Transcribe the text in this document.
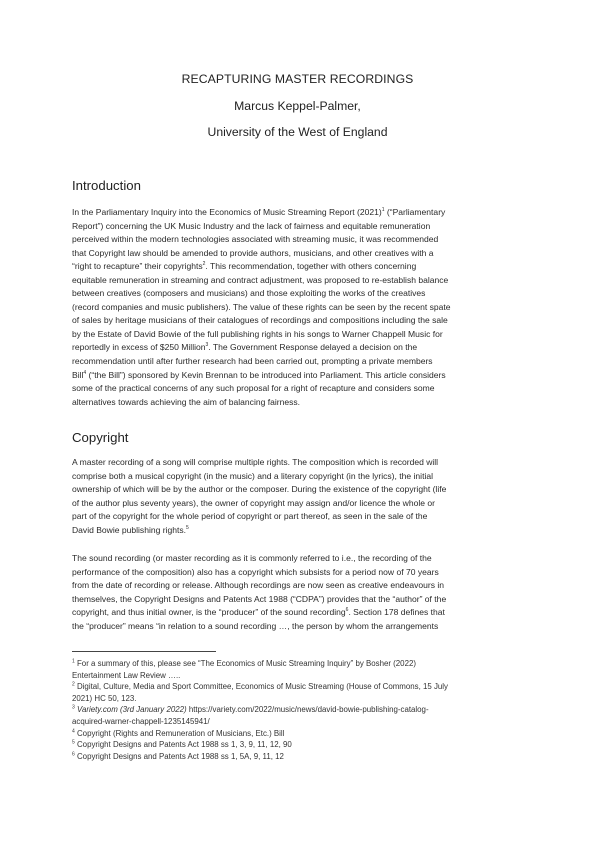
RECAPTURING MASTER RECORDINGS
Marcus Keppel-Palmer,
University of the West of England
Introduction
In the Parliamentary Inquiry into the Economics of Music Streaming Report $(2021)^1$ (“Parliamentary
Report”) concerning the UK Music Industry and the lack of fairness and equitable remuneration
perceived within the modern technologies associated with streaming music, it was recommended
that Copyright law should be amended to provide authors, musicians, and other creatives with a
“right to recapture” their copyrights$^2$. This recommendation, together with others concerning
equitable remuneration in streaming and contract adjustment, was proposed to re-establish balance
between creatives (composers and musicians) and those exploiting the works of the creatives
(record companies and music publishers). The value of these rights can be seen by the recent spate
of sales by heritage musicians of their catalogues of recordings and compositions including the sale
by the Estate of David Bowie of the full publishing rights in his songs to Warner Chappell Music for
reportedly in excess of $250 Million$^3$. The Government Response delayed a decision on the
recommendation until after further research had been carried out, prompting a private members
Bill$^4$ (“the Bill”) sponsored by Kevin Brennan to be introduced into Parliament. This article considers
some of the practical concerns of any such proposal for a right of recapture and considers some
alternatives towards achieving the aim of balancing fairness.
Copyright
A master recording of a song will comprise multiple rights. The composition which is recorded will
comprise both a musical copyright (in the music) and a literary copyright (in the lyrics), the initial
ownership of which will be by the author or the composer. During the existence of the copyright (life
of the author plus seventy years), the owner of copyright may assign and/or licence the whole or
part of the copyright for the whole period of copyright or part thereof, as seen in the sale of the
David Bowie publishing rights.$^5$
The sound recording (or master recording as it is commonly referred to i.e., the recording of the
performance of the composition) also has a copyright which subsists for a period now of 70 years
from the date of recording or release. Although recordings are now seen as creative endeavours in
themselves, the Copyright Designs and Patents Act 1988 (“CDPA”) provides that the “author” of the
copyright, and thus initial owner, is the “producer” of the sound recording$^6$. Section 178 defines that
the “producer” means “in relation to a sound recording …, the person by whom the arrangements
$^1$ For a summary of this, please see “The Economics of Music Streaming Inquiry” by Bosher (2022)
Entertainment Law Review …..
$^2$ Digital, Culture, Media and Sport Committee, Economics of Music Streaming (House of Commons, 15 July
2021) HC 50, 123.
$^3$ Variety.com (3rd January 2022) https://variety.com/2022/music/news/david-bowie-publishing-catalog-
acquired-warner-chappell-1235145941/
$^4$ Copyright (Rights and Remuneration of Musicians, Etc.) Bill
$^5$ Copyright Designs and Patents Act 1988 ss 1, 3, 9, 11, 12, 90
$^6$ Copyright Designs and Patents Act 1988 ss 1, 5A, 9, 11, 12
